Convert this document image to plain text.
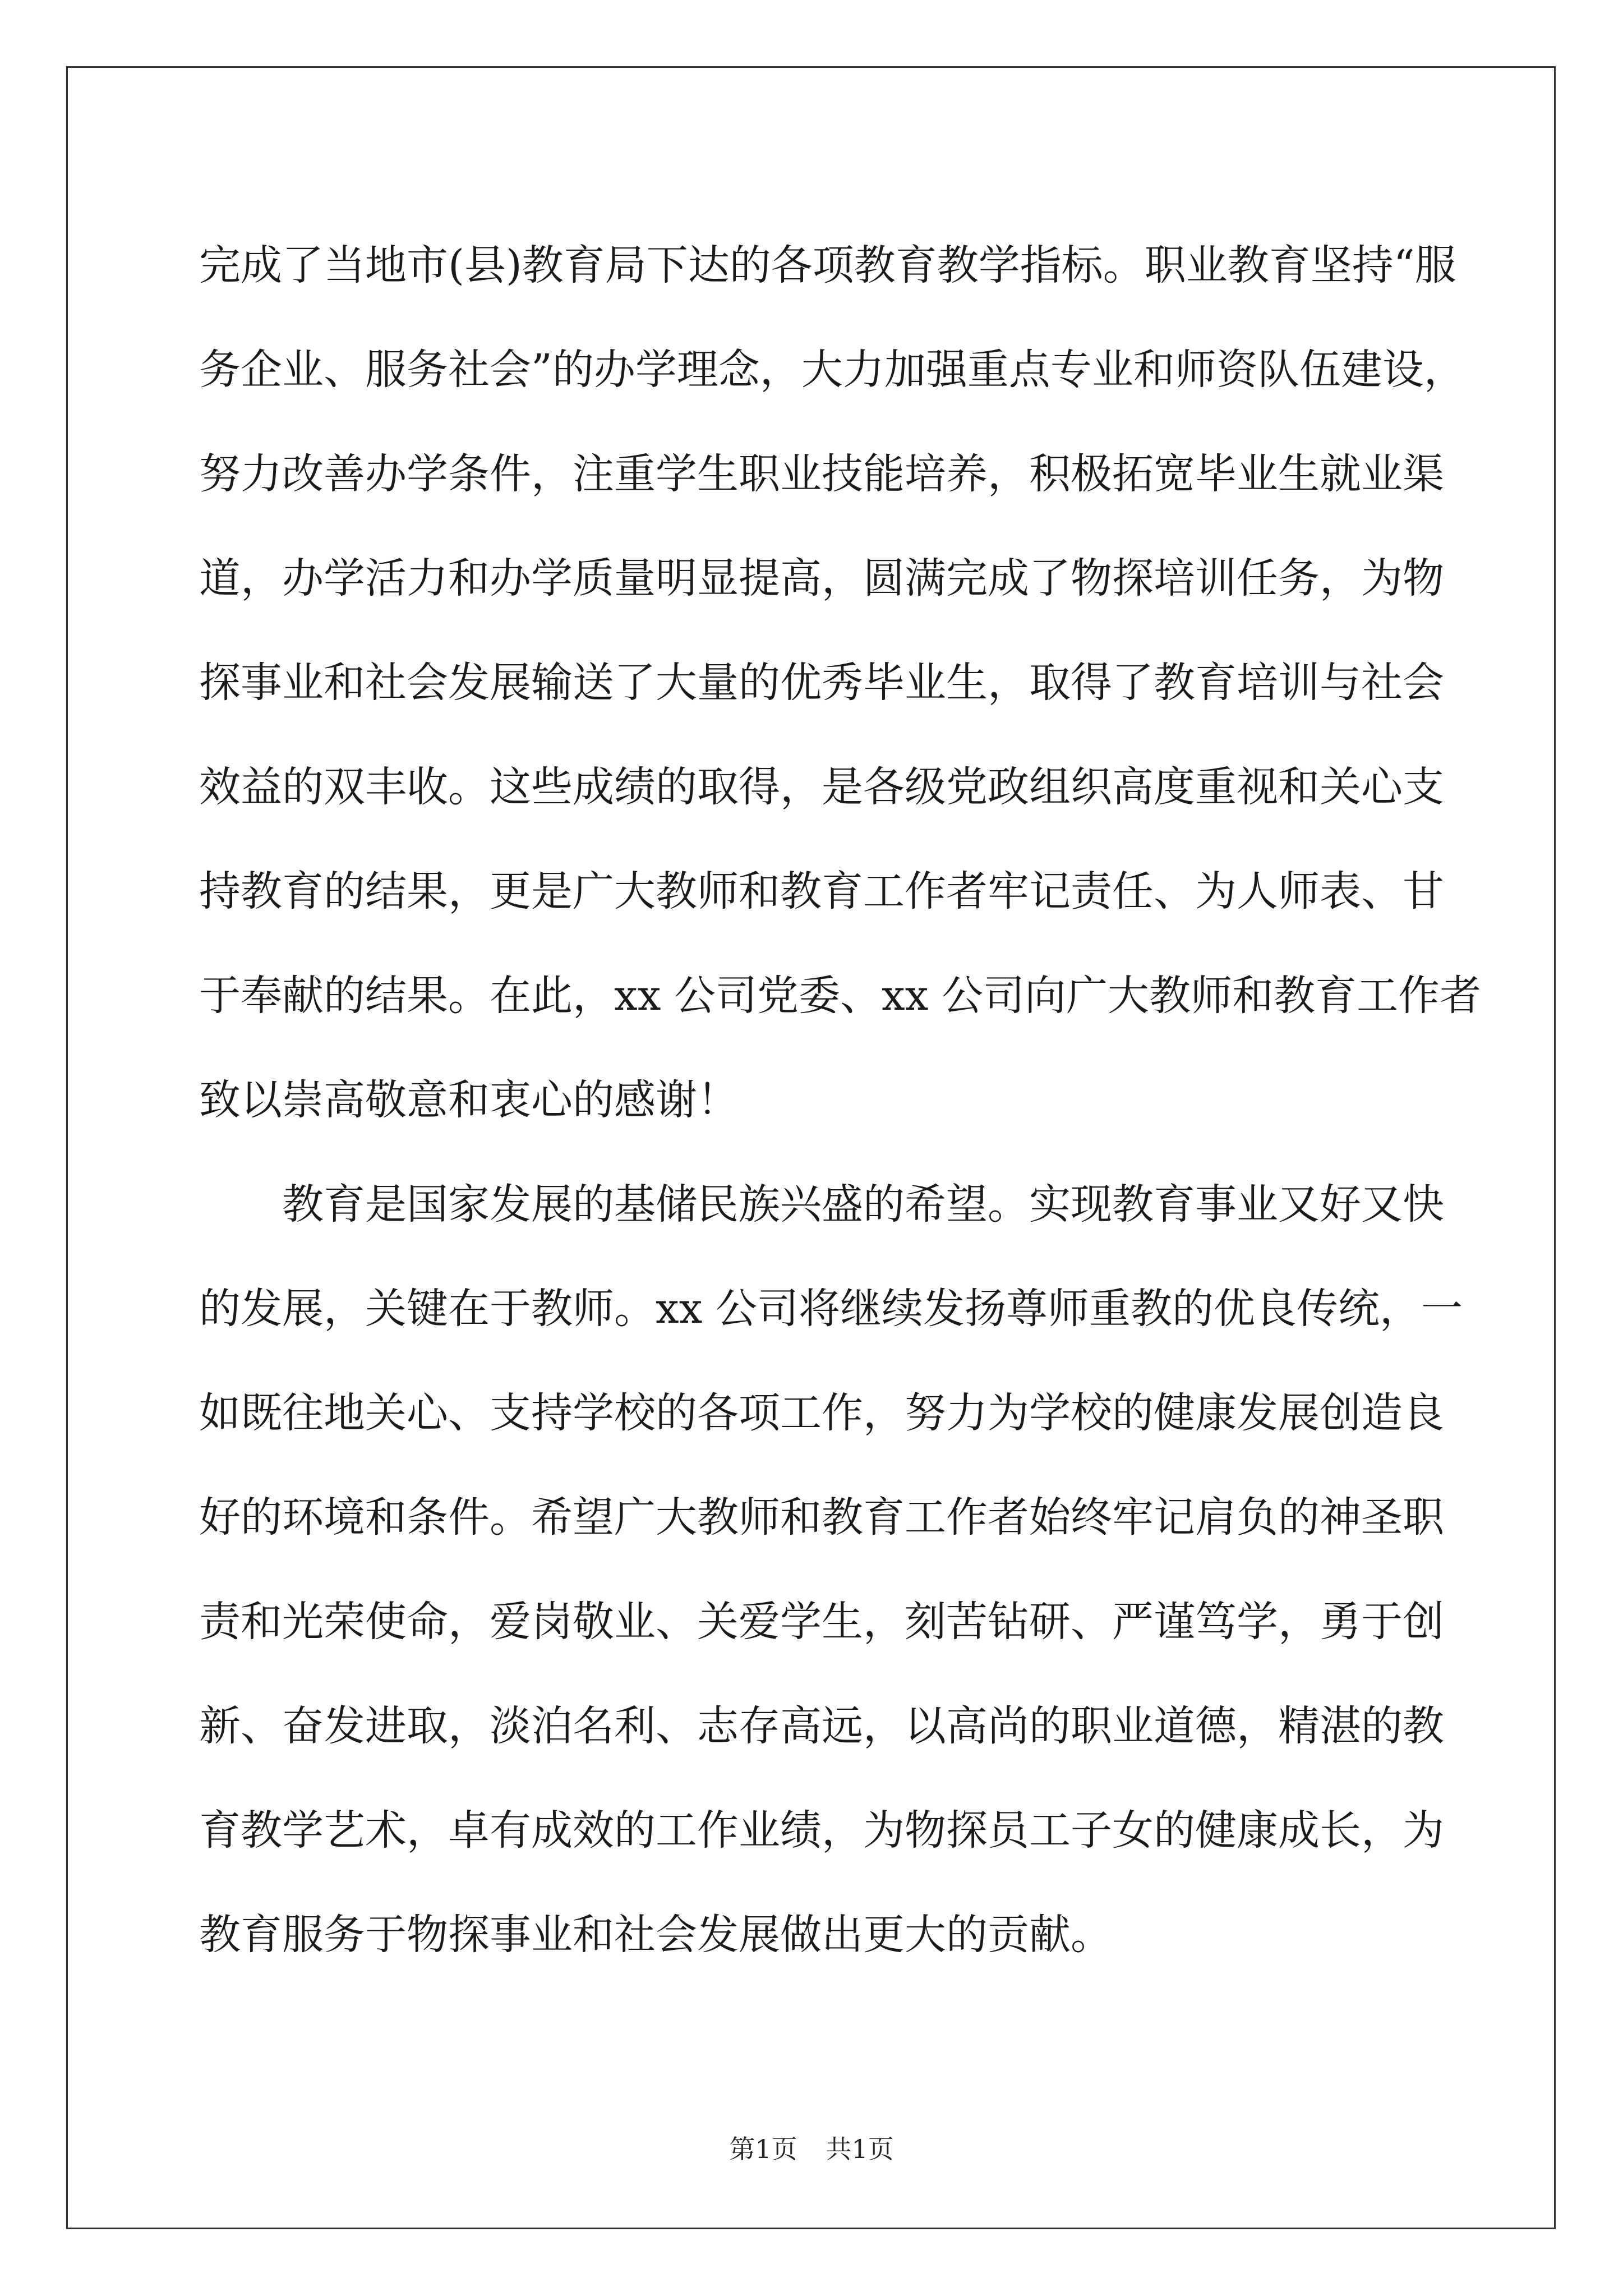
完成了当地市(县)教育局下达的各项教育教学指标。职业教育坚持“服
务企业、服务社会”的办学理念，大力加强重点专业和师资队伍建设，
努力改善办学条件，注重学生职业技能培养，积极拓宽毕业生就业渠
道，办学活力和办学质量明显提高，圆满完成了物探培训任务，为物
探事业和社会发展输送了大量的优秀毕业生，取得了教育培训与社会
效益的双丰收。这些成绩的取得，是各级党政组织高度重视和关心支
持教育的结果，更是广大教师和教育工作者牢记责任、为人师表、甘
于奉献的结果。在此，xx 公司党委、xx 公司向广大教师和教育工作者
致以崇高敬意和衷心的感谢！
　　教育是国家发展的基储民族兴盛的希望。实现教育事业又好又快
的发展，关键在于教师。xx 公司将继续发扬尊师重教的优良传统，一
如既往地关心、支持学校的各项工作，努力为学校的健康发展创造良
好的环境和条件。希望广大教师和教育工作者始终牢记肩负的神圣职
责和光荣使命，爱岗敬业、关爱学生，刻苦钻研、严谨笃学，勇于创
新、奋发进取，淡泊名利、志存高远，以高尚的职业道德，精湛的教
育教学艺术，卓有成效的工作业绩，为物探员工子女的健康成长，为
教育服务于物探事业和社会发展做出更大的贡献。
第1页 共1页
